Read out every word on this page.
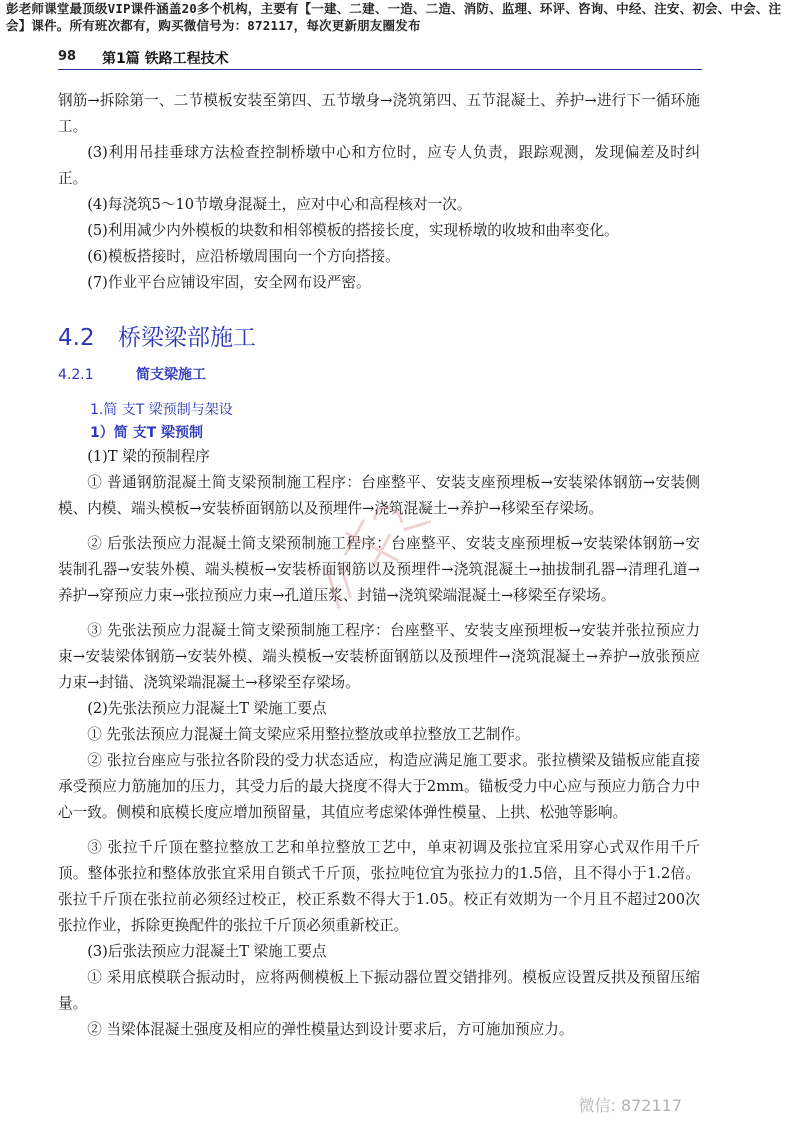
彭老师课堂最顶级VIP课件涵盖20多个机构，主要有【一建、二建、一造、二造、消防、监理、环评、咨询、中经、注安、初会、中会、注会】课件。所有班次都有，购买微信号为：872117，每次更新朋友圈发布
98 第1篇 铁路工程技术

钢筋→拆除第一、二节模板安装至第四、五节墩身→浇筑第四、五节混凝土、养护→进行下一循环施工。

(3)利用吊挂垂球方法检查控制桥墩中心和方位时，应专人负责，跟踪观测，发现偏差及时纠正。

(4)每浇筑5～10节墩身混凝土，应对中心和高程核对一次。

(5)利用减少内外模板的块数和相邻模板的搭接长度，实现桥墩的收坡和曲率变化。

(6)模板搭接时，应沿桥墩周围向一个方向搭接。

(7)作业平台应铺设牢固，安全网布设严密。

4.2 桥梁梁部施工
4.2.1	简支梁施工
1.简 支T 梁预制与架设
1）简 支T 梁预制

(1)T 梁的预制程序

① 普通钢筋混凝土简支梁预制施工程序：台座整平、安装支座预埋板→安装梁体钢筋→安装侧模、内模、端头模板→安装桥面钢筋以及预埋件→浇筑混凝土→养护→移梁至存梁场。

② 后张法预应力混凝土简支梁预制施工程序：台座整平、安装支座预埋板→安装梁体钢筋→安装制孔器→安装外模、端头模板→安装桥面钢筋以及预埋件→浇筑混凝土→抽拔制孔器→清理孔道→养护→穿预应力束→张拉预应力束→孔道压浆、封锚→浇筑梁端混凝土→移梁至存梁场。

③ 先张法预应力混凝土简支梁预制施工程序：台座整平、安装支座预埋板→安装并张拉预应力束→安装梁体钢筋→安装外模、端头模板→安装桥面钢筋以及预埋件→浇筑混凝土→养护→放张预应力束→封锚、浇筑梁端混凝土→移梁至存梁场。

(2)先张法预应力混凝土T 梁施工要点

① 先张法预应力混凝土简支梁应采用整拉整放或单拉整放工艺制作。

② 张拉台座应与张拉各阶段的受力状态适应，构造应满足施工要求。张拉横梁及锚板应能直接承受预应力筋施加的压力，其受力后的最大挠度不得大于2mm。锚板受力中心应与预应力筋合力中心一致。侧模和底模长度应增加预留量，其值应考虑梁体弹性模量、上拱、松弛等影响。

③ 张拉千斤顶在整拉整放工艺和单拉整放工艺中，单束初调及张拉宜采用穿心式双作用千斤顶。整体张拉和整体放张宜采用自锁式千斤顶，张拉吨位宜为张拉力的1.5倍，且不得小于1.2倍。张拉千斤顶在张拉前必须经过校正，校正系数不得大于1.05。校正有效期为一个月且不超过200次张拉作业，拆除更换配件的张拉千斤顶必须重新校正。

(3)后张法预应力混凝土T 梁施工要点

① 采用底模联合振动时，应将两侧模板上下振动器位置交错排列。模板应设置反拱及预留压缩量。

② 当梁体混凝土强度及相应的弹性模量达到设计要求后，方可施加预应力。

微信: 872117
